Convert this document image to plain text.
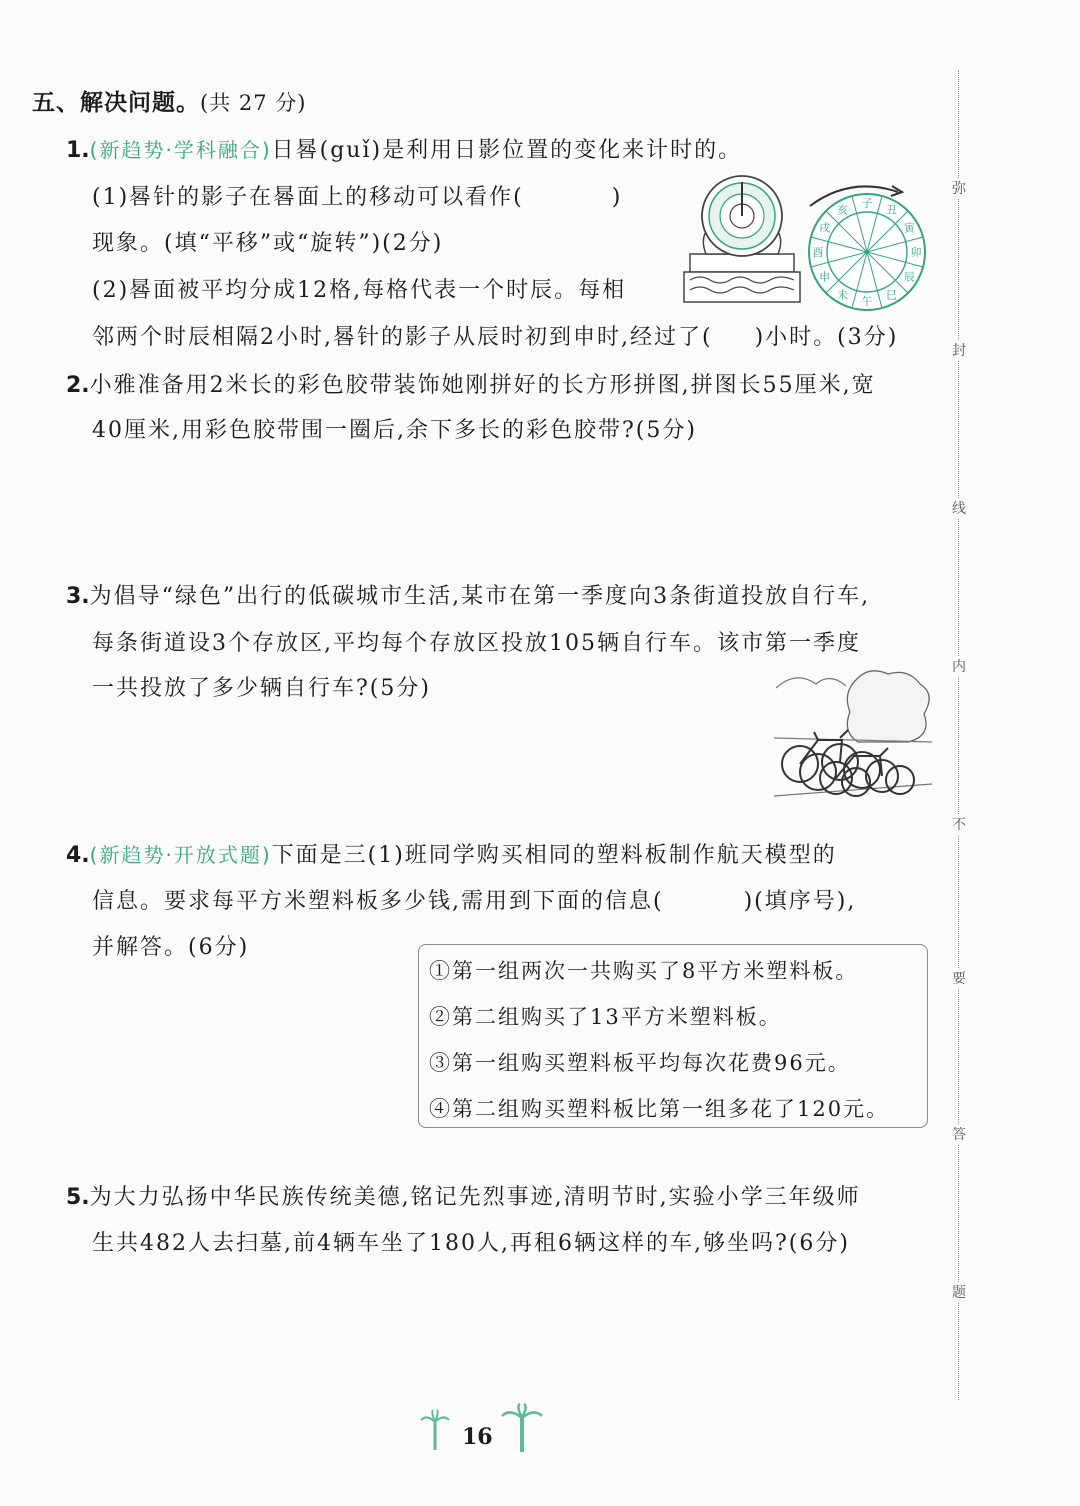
五、解决问题。(共 27 分)
1.(新趋势·学科融合)日晷(guǐ)是利用日影位置的变化来计时的。
(1)晷针的影子在晷面上的移动可以看作(	)
现象。(填“平移”或“旋转”)(2分)
(2)晷面被平均分成12格,每格代表一个时辰。每相
邻两个时辰相隔2小时,晷针的影子从辰时初到申时,经过了( )小时。(3分)
子
丑
寅
卯
辰
巳
午
未
申
酉
戌
亥
2.小雅准备用2米长的彩色胶带装饰她刚拼好的长方形拼图,拼图长55厘米,宽
40厘米,用彩色胶带围一圈后,余下多长的彩色胶带?(5分)
3.为倡导“绿色”出行的低碳城市生活,某市在第一季度向3条街道投放自行车,
每条街道设3个存放区,平均每个存放区投放105辆自行车。该市第一季度
一共投放了多少辆自行车?(5分)
4.(新趋势·开放式题)下面是三(1)班同学购买相同的塑料板制作航天模型的
信息。要求每平方米塑料板多少钱,需用到下面的信息(	)(填序号),
并解答。(6分)
①第一组两次一共购买了8平方米塑料板。
②第二组购买了13平方米塑料板。
③第一组购买塑料板平均每次花费96元。
④第二组购买塑料板比第一组多花了120元。
5.为大力弘扬中华民族传统美德,铭记先烈事迹,清明节时,实验小学三年级师
生共482人去扫墓,前4辆车坐了180人,再租6辆这样的车,够坐吗?(6分)
弥
封
线
内
不
要
答
题
16
